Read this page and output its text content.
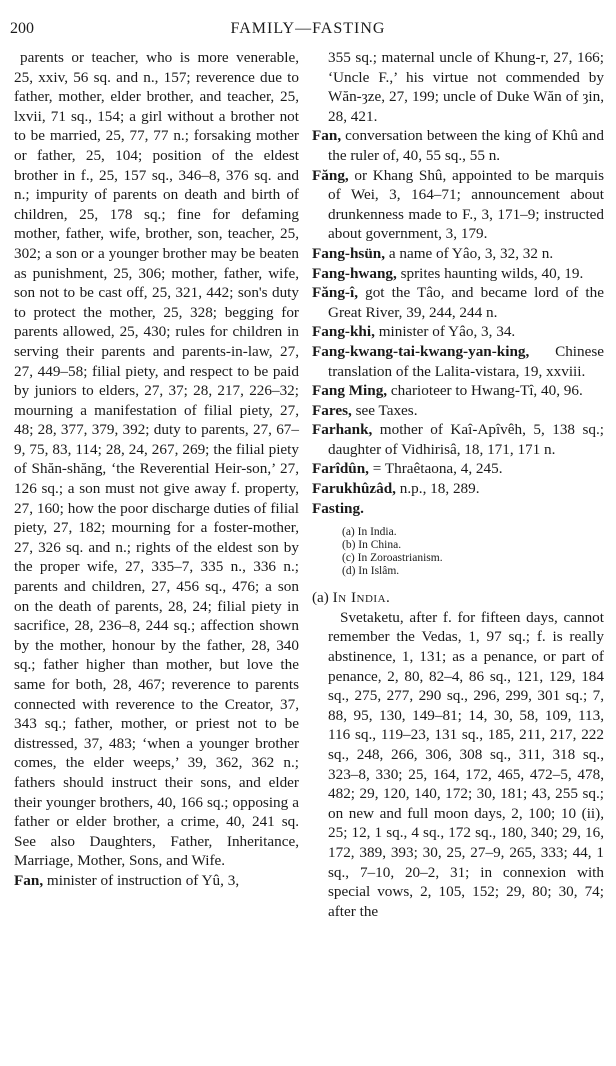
200	FAMILY—FASTING

parents or teacher, who is more venerable, 25, xxiv, 56 sq. and n., 157; reverence due to father, mother, elder brother, and teacher, 25, lxvii, 71 sq., 154; a girl without a brother not to be married, 25, 77, 77 n.; forsaking mother or father, 25, 104; position of the eldest brother in f., 25, 157 sq., 346–8, 376 sq. and n.; impurity of parents on death and birth of children, 25, 178 sq.; fine for defaming mother, father, wife, brother, son, teacher, 25, 302; a son or a younger brother may be beaten as punishment, 25, 306; mother, father, wife, son not to be cast off, 25, 321, 442; son's duty to protect the mother, 25, 328; begging for parents allowed, 25, 430; rules for children in serving their parents and parents-in-law, 27, 27, 449–58; filial piety, and respect to be paid by juniors to elders, 27, 37; 28, 217, 226–32; mourning a manifestation of filial piety, 27, 48; 28, 377, 379, 392; duty to parents, 27, 67–9, 75, 83, 114; 28, 24, 267, 269; the filial piety of Shăn-shăng, ‘the Reverential Heir-son,’ 27, 126 sq.; a son must not give away f. property, 27, 160; how the poor discharge duties of filial piety, 27, 182; mourning for a foster-mother, 27, 326 sq. and n.; rights of the eldest son by the proper wife, 27, 335–7, 335 n., 336 n.; parents and children, 27, 456 sq., 476; a son on the death of parents, 28, 24; filial piety in sacrifice, 28, 236–8, 244 sq.; affection shown by the mother, honour by the father, 28, 340 sq.; father higher than mother, but love the same for both, 28, 467; reverence to parents connected with reverence to the Creator, 37, 343 sq.; father, mother, or priest not to be distressed, 37, 483; ‘when a younger brother comes, the elder weeps,’ 39, 362, 362 n.; fathers should instruct their sons, and elder their younger brothers, 40, 166 sq.; opposing a father or elder brother, a crime, 40, 241 sq. See also Daughters, Father, Inheritance, Marriage, Mother, Sons, and Wife.

Fan, minister of instruction of Yû, 3,

355 sq.; maternal uncle of Khung-r, 27, 166; ‘Uncle F.,’ his virtue not commended by Wăn-ȝze, 27, 199; uncle of Duke Wăn of ȝin, 28, 421.

Fan, conversation between the king of Khû and the ruler of, 40, 55 sq., 55 n.

Făng, or Khang Shû, appointed to be marquis of Wei, 3, 164–71; announcement about drunkenness made to F., 3, 171–9; instructed about government, 3, 179.

Fang-hsün, a name of Yâo, 3, 32, 32 n.

Fang-hwang, sprites haunting wilds, 40, 19.

Făng-î, got the Tâo, and became lord of the Great River, 39, 244, 244 n.

Fang-khi, minister of Yâo, 3, 34.

Fang-kwang-tai-kwang-yan-king, Chinese translation of the Lalita-vistara, 19, xxviii.

Fang Ming, charioteer to Hwang-Tî, 40, 96.

Fares, see Taxes.

Farhank, mother of Kaî-Apîvêh, 5, 138 sq.; daughter of Vidhirisâ, 18, 171, 171 n.

Farîdûn, = Thraêtaona, 4, 245.

Farukhûzâd, n.p., 18, 289.

Fasting.

(a) In India.
(b) In China.
(c) In Zoroastrianism.
(d) In Islâm.

(a) In India.

Svetaketu, after f. for fifteen days, cannot remember the Vedas, 1, 97 sq.; f. is really abstinence, 1, 131; as a penance, or part of penance, 2, 80, 82–4, 86 sq., 121, 129, 184 sq., 275, 277, 290 sq., 296, 299, 301 sq.; 7, 88, 95, 130, 149–81; 14, 30, 58, 109, 113, 116 sq., 119–23, 131 sq., 185, 211, 217, 222 sq., 248, 266, 306, 308 sq., 311, 318 sq., 323–8, 330; 25, 164, 172, 465, 472–5, 478, 482; 29, 120, 140, 172; 30, 181; 43, 255 sq.; on new and full moon days, 2, 100; 10 (ii), 25; 12, 1 sq., 4 sq., 172 sq., 180, 340; 29, 16, 172, 389, 393; 30, 25, 27–9, 265, 333; 44, 1 sq., 7–10, 20–2, 31; in connexion with special vows, 2, 105, 152; 29, 80; 30, 74; after the
